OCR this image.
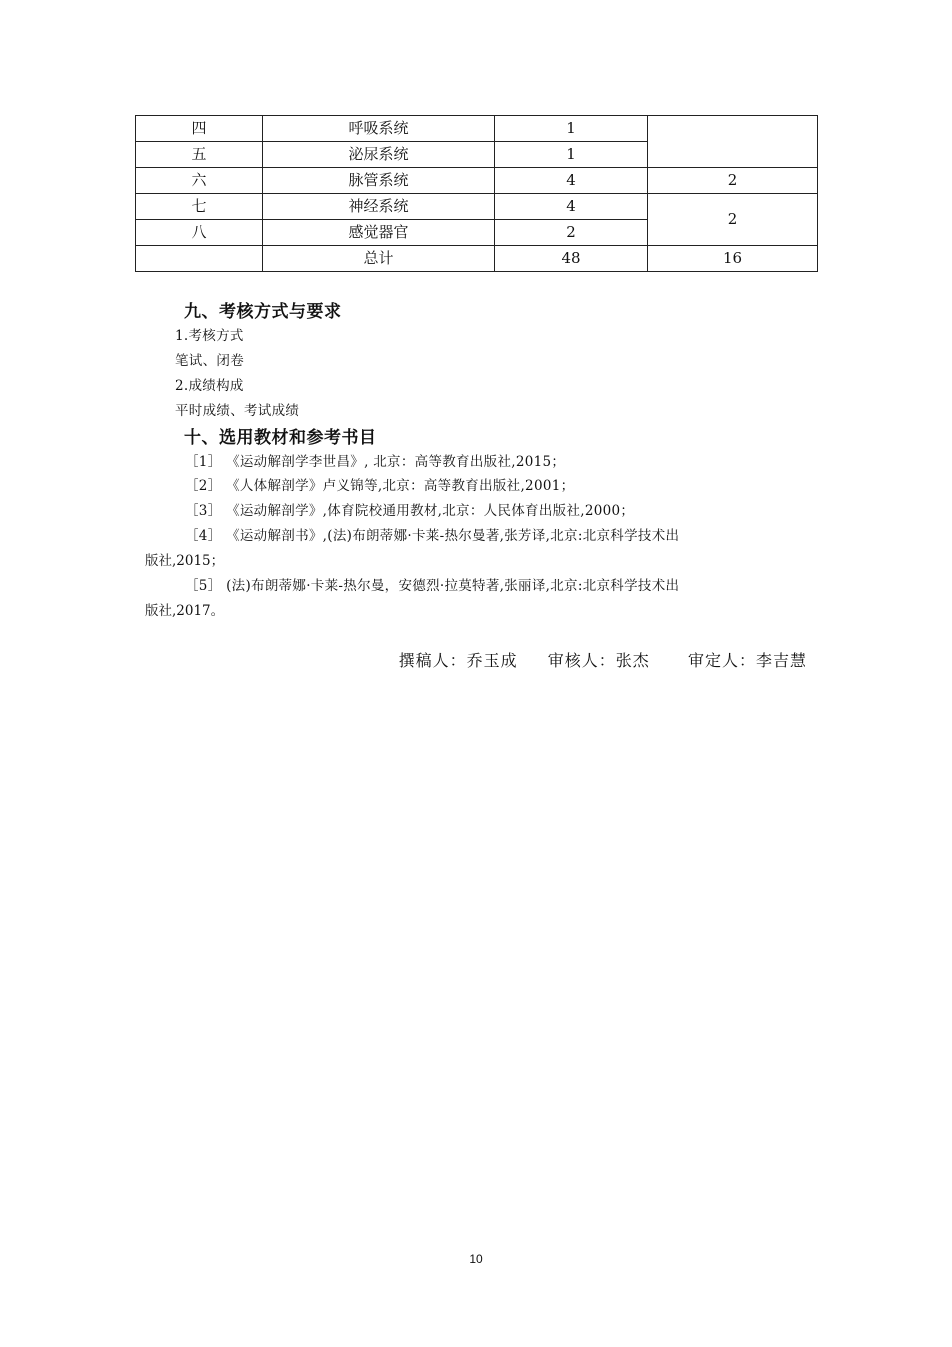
四	呼吸系统	1	
五	泌尿系统	1	
六	脉管系统	4	2
七	神经系统	4	2
八	感觉器官	2	
	总计	48	16
九、考核方式与要求
1.考核方式
笔试、闭卷
2.成绩构成
平时成绩、考试成绩
十、选用教材和参考书目
［1］ 《运动解剖学李世昌》, 北京：高等教育出版社,2015；
［2］ 《人体解剖学》卢义锦等,北京：高等教育出版社,2001；
［3］ 《运动解剖学》,体育院校通用教材,北京：人民体育出版社,2000；
［4］ 《运动解剖书》,(法)布朗蒂娜·卡莱-热尔曼著,张芳译,北京:北京科学技术出
版社,2015；
［5］ (法)布朗蒂娜·卡莱-热尔曼，安德烈·拉莫特著,张丽译,北京:北京科学技术出
版社,2017。
撰稿人：乔玉成 审核人：张杰 审定人：李吉慧
10
